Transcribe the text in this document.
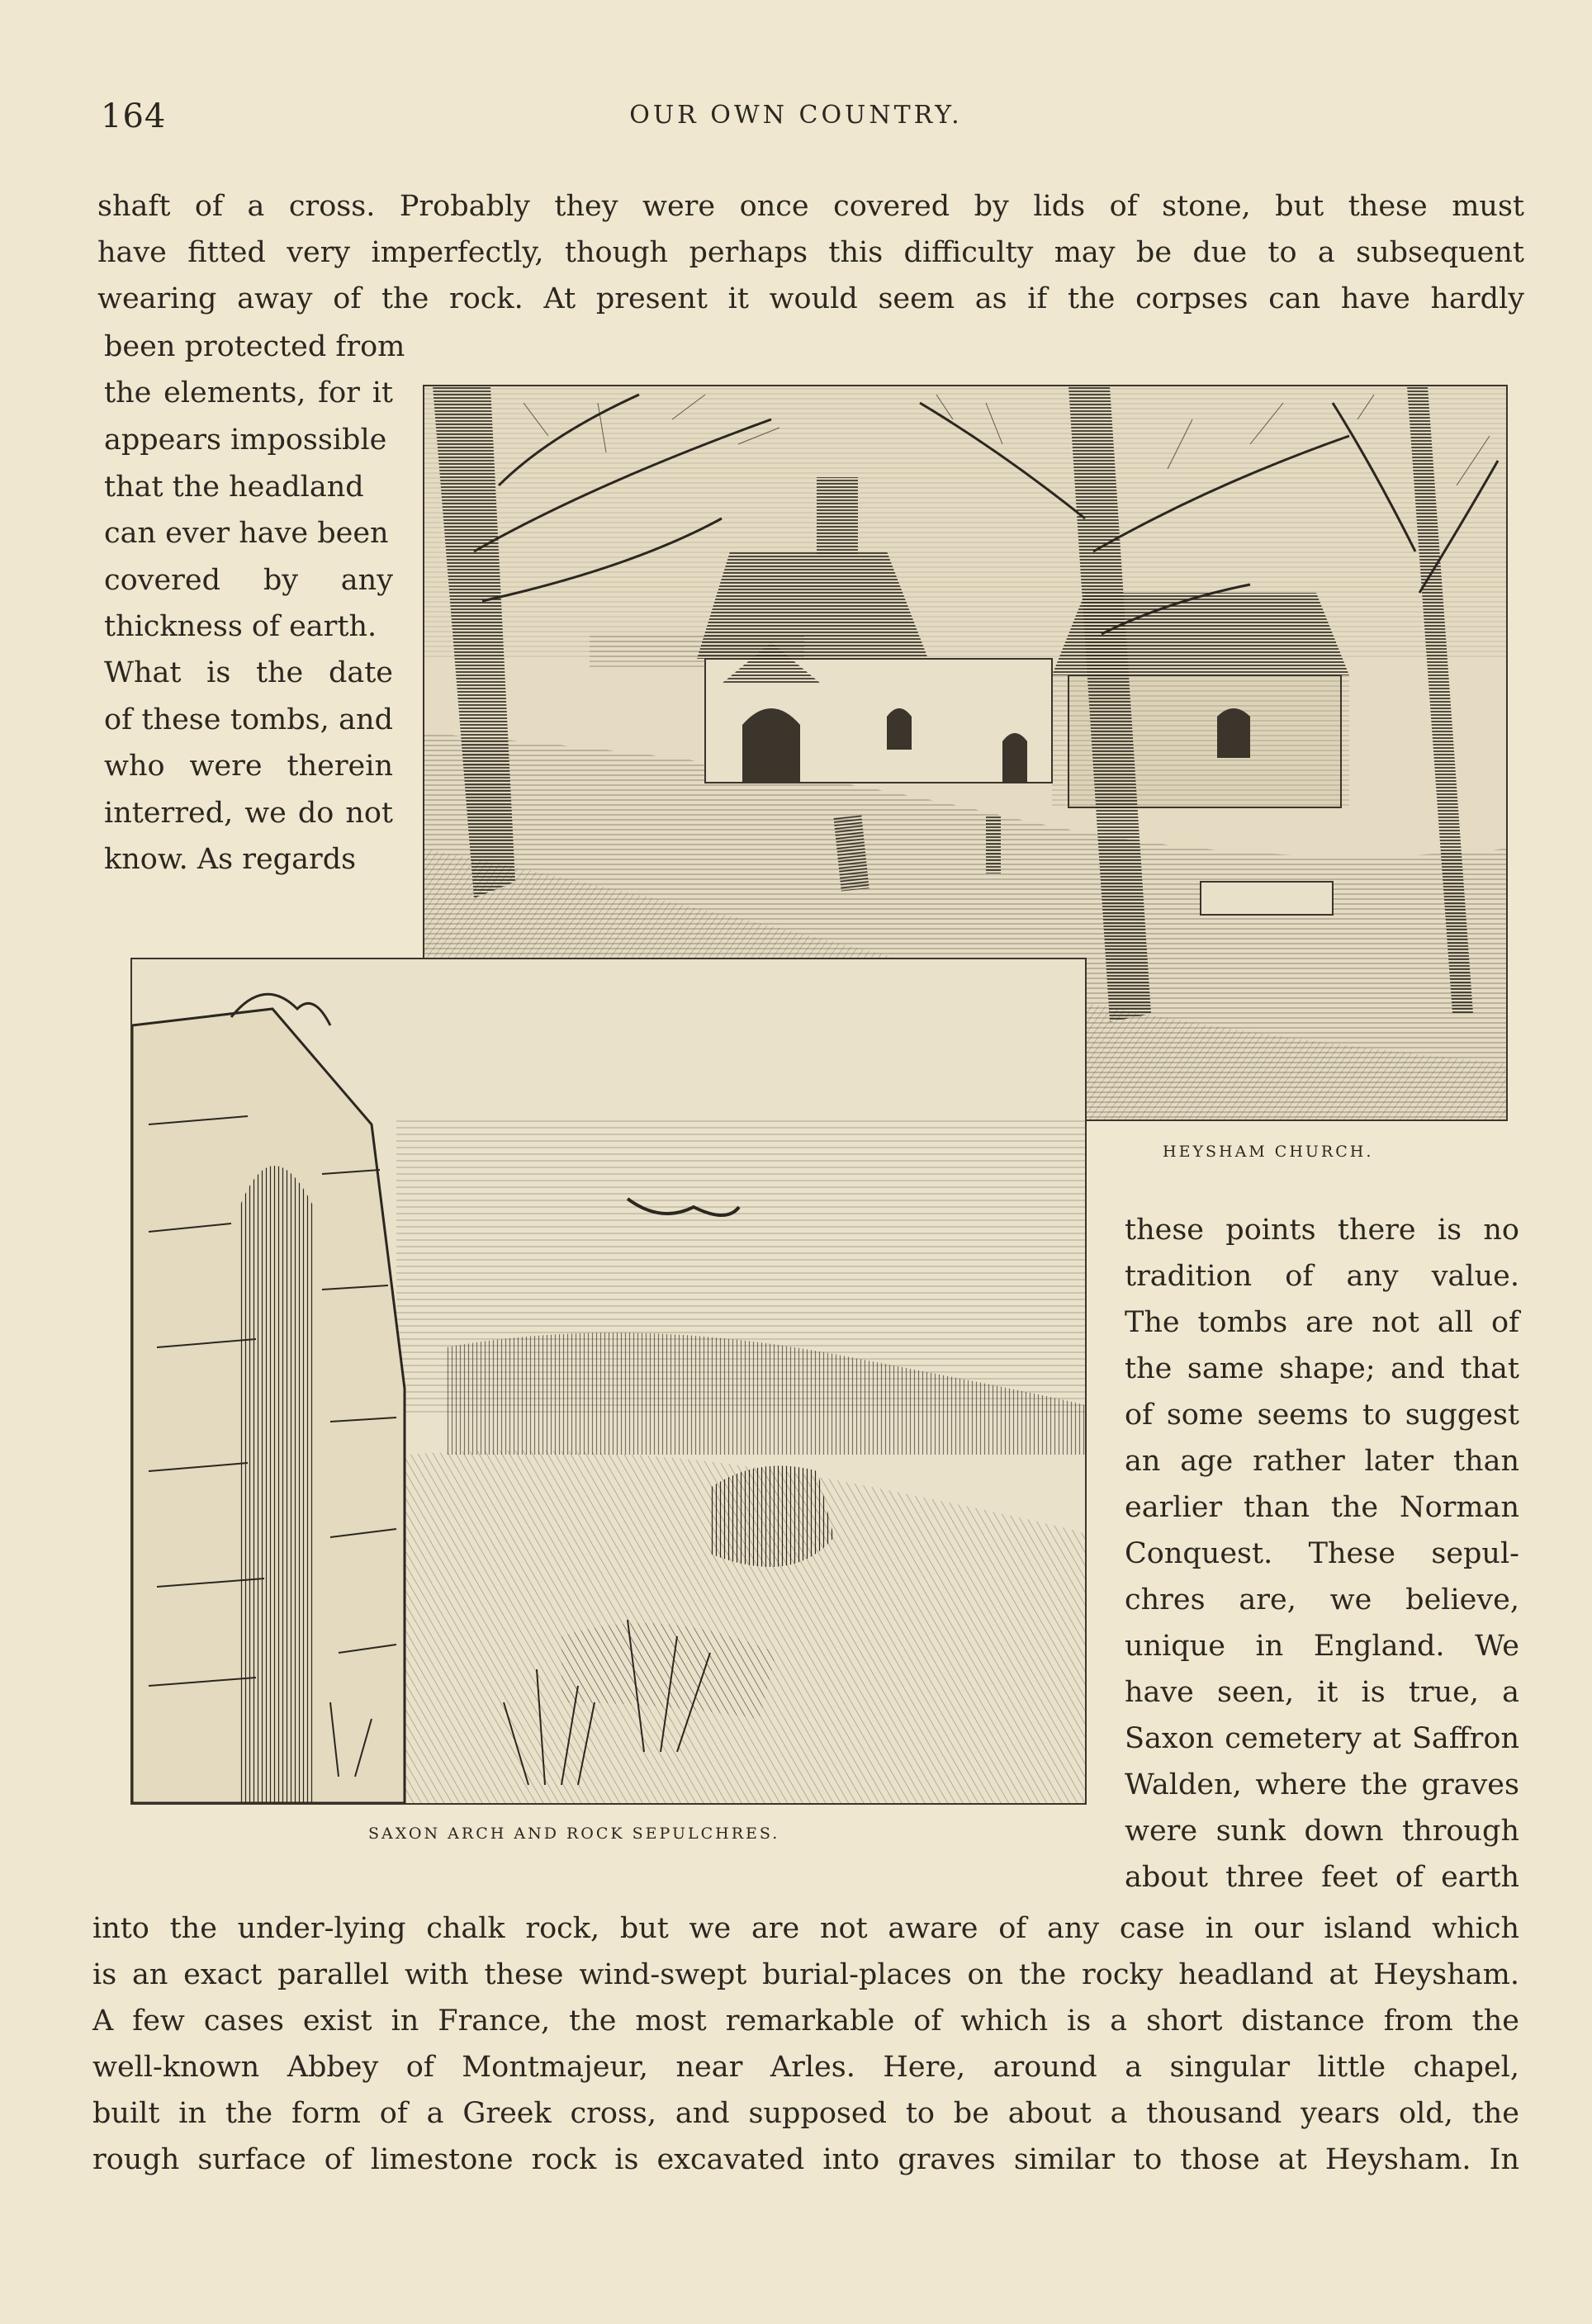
164	OUR OWN COUNTRY.
shaft of a cross. Probably they were once covered by lids of stone, but these must
have fitted very imperfectly, though perhaps this difficulty may be due to a subsequent
wearing away of the rock. At present it would seem as if the corpses can have hardly
been protected from
the elements, for it
appears impossible
that the headland
can ever have been
covered by any
thickness of earth.
What is the date
of these tombs, and
who were therein
interred, we do not
know. As regards
HEYSHAM CHURCH.
SAXON ARCH AND ROCK SEPULCHRES.
these points there is no
tradition of any value.
The tombs are not all of
the same shape; and that
of some seems to suggest
an age rather later than
earlier than the Norman
Conquest. These sepul-
chres are, we believe,
unique in England. We
have seen, it is true, a
Saxon cemetery at Saffron
Walden, where the graves
were sunk down through
about three feet of earth
into the under-lying chalk rock, but we are not aware of any case in our island which
is an exact parallel with these wind-swept burial-places on the rocky headland at Heysham.
A few cases exist in France, the most remarkable of which is a short distance from the
well-known Abbey of Montmajeur, near Arles. Here, around a singular little chapel,
built in the form of a Greek cross, and supposed to be about a thousand years old, the
rough surface of limestone rock is excavated into graves similar to those at Heysham. In
